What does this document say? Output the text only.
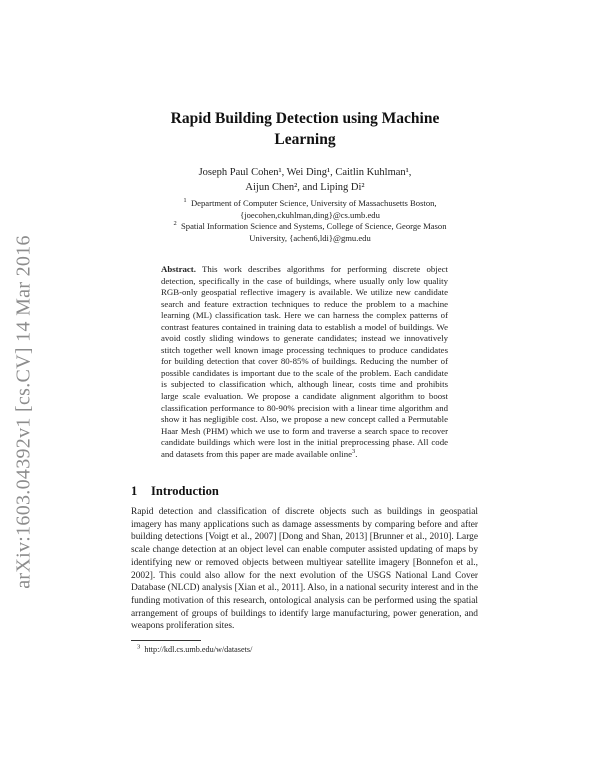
arXiv:1603.04392v1 [cs.CV] 14 Mar 2016
Rapid Building Detection using Machine Learning
Joseph Paul Cohen¹, Wei Ding¹, Caitlin Kuhlman¹,
Aijun Chen², and Liping Di²

$^1$ Department of Computer Science, University of Massachusetts Boston,

{joecohen,ckuhlman,ding}@cs.umb.edu

$^2$ Spatial Information Science and Systems, College of Science, George Mason

University, {achen6,ldi}@gmu.edu

Abstract. This work describes algorithms for performing discrete object detection, specifically in the case of buildings, where usually only low quality RGB-only geospatial reflective imagery is available. We utilize new candidate search and feature extraction techniques to reduce the problem to a machine learning (ML) classification task. Here we can harness the complex patterns of contrast features contained in training data to establish a model of buildings. We avoid costly sliding windows to generate candidates; instead we innovatively stitch together well known image processing techniques to produce candidates for building detection that cover 80-85% of buildings. Reducing the number of possible candidates is important due to the scale of the problem. Each candidate is subjected to classification which, although linear, costs time and prohibits large scale evaluation. We propose a candidate alignment algorithm to boost classification performance to 80-90% precision with a linear time algorithm and show it has negligible cost. Also, we propose a new concept called a Permutable Haar Mesh (PHM) which we use to form and traverse a search space to recover candidate buildings which were lost in the initial preprocessing phase. All code and datasets from this paper are made available online$^3$.
1 Introduction
Rapid detection and classification of discrete objects such as buildings in geospatial imagery has many applications such as damage assessments by comparing before and after building detections [Voigt et al., 2007] [Dong and Shan, 2013] [Brunner et al., 2010]. Large scale change detection at an object level can enable computer assisted updating of maps by identifying new or removed objects between multiyear satellite imagery [Bonnefon et al., 2002]. This could also allow for the next evolution of the USGS National Land Cover Database (NLCD) analysis [Xian et al., 2011]. Also, in a national security interest and in the funding motivation of this research, ontological analysis can be performed using the spatial arrangement of groups of buildings to identify large manufacturing, power generation, and weapons proliferation sites.
$^3$ http://kdl.cs.umb.edu/w/datasets/
